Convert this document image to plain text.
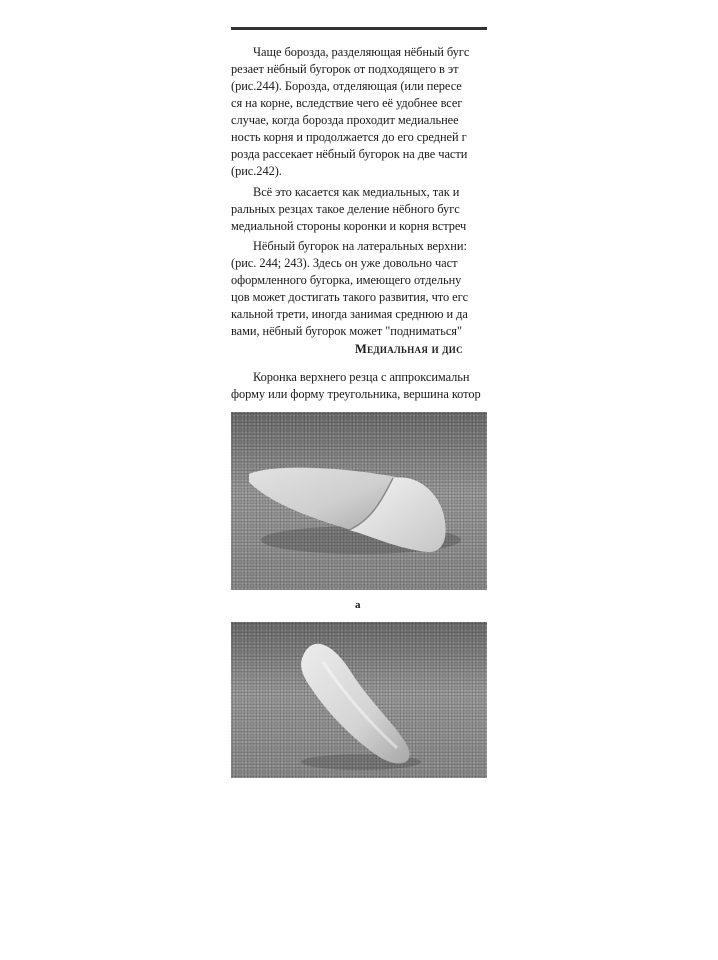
Чаще борозда, разделяющая нёбный бугс
резает нёбный бугорок от подходящего в эт
(рис.244). Борозда, отделяющая (или пересе
ся на корне, вследствие чего её удобнее всег
случае, когда борозда проходит медиальнее
ность корня и продолжается до его средней г
розда рассекает нёбный бугорок на две части
(рис.242).
Всё это касается как медиальных, так и
ральных резцах такое деление нёбного бугс
медиальной стороны коронки и корня встреч
Нёбный бугорок на латеральных верхни:
(рис. 244; 243). Здесь он уже довольно част
оформленного бугорка, имеющего отдельну
цов может достигать такого развития, что егс
кальной трети, иногда занимая среднюю и да
вами, нёбный бугорок может "подниматься"
Медиальная и дис
Коронка верхнего резца с аппроксимальн
форму или форму треугольника, вершина котор
а
